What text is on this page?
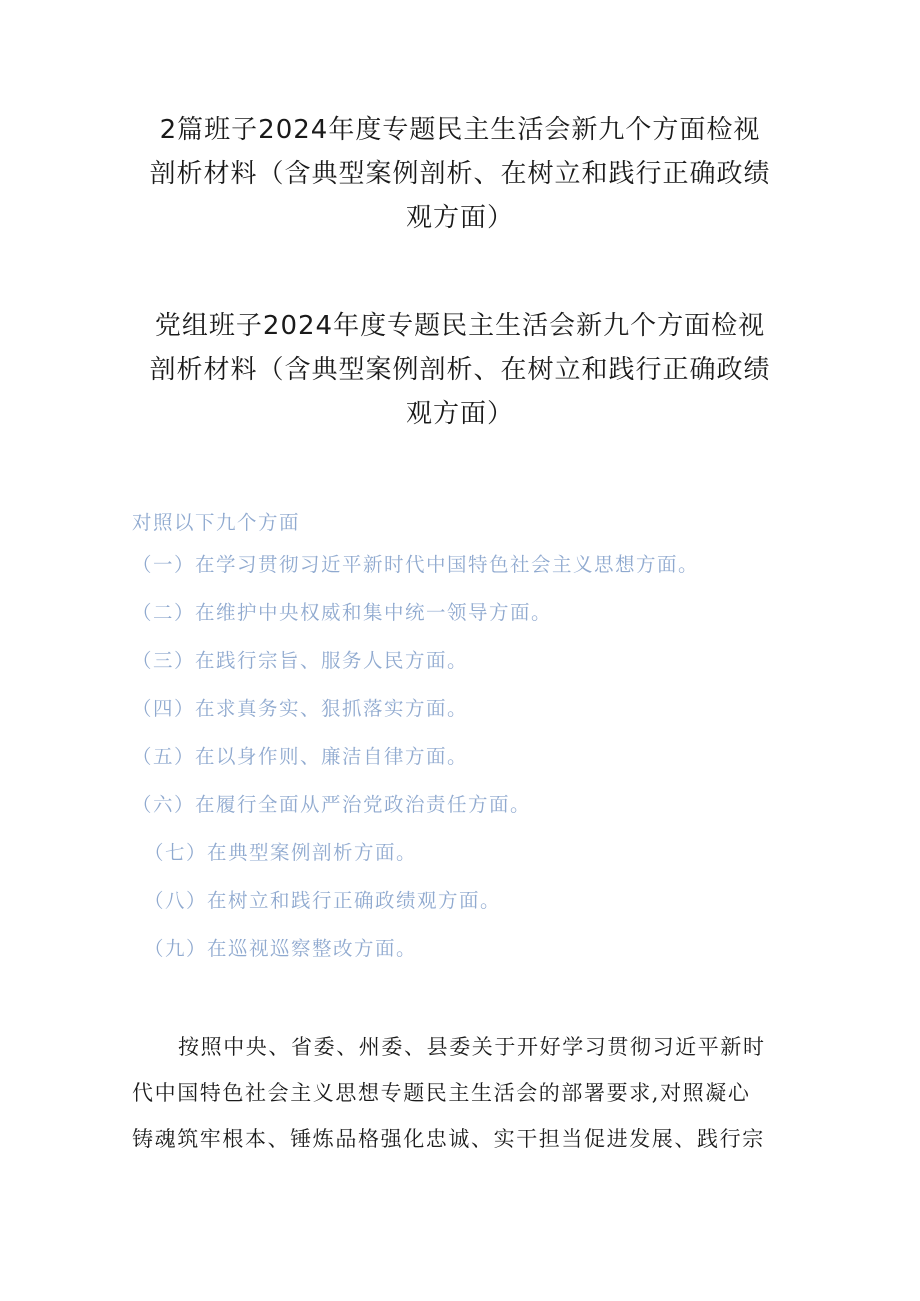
2篇班子2024年度专题民主生活会新九个方面检视
剖析材料（含典型案例剖析、在树立和践行正确政绩
观方面）
党组班子2024年度专题民主生活会新九个方面检视
剖析材料（含典型案例剖析、在树立和践行正确政绩
观方面）
对照以下九个方面
（一）在学习贯彻习近平新时代中国特色社会主义思想方面。
（二）在维护中央权威和集中统一领导方面。
（三）在践行宗旨、服务人民方面。
（四）在求真务实、狠抓落实方面。
（五）在以身作则、廉洁自律方面。
（六）在履行全面从严治党政治责任方面。
（七）在典型案例剖析方面。
（八）在树立和践行正确政绩观方面。
（九）在巡视巡察整改方面。
按照中央、省委、州委、县委关于开好学习贯彻习近平新时
代中国特色社会主义思想专题民主生活会的部署要求,对照凝心
铸魂筑牢根本、锤炼品格强化忠诚、实干担当促进发展、践行宗
